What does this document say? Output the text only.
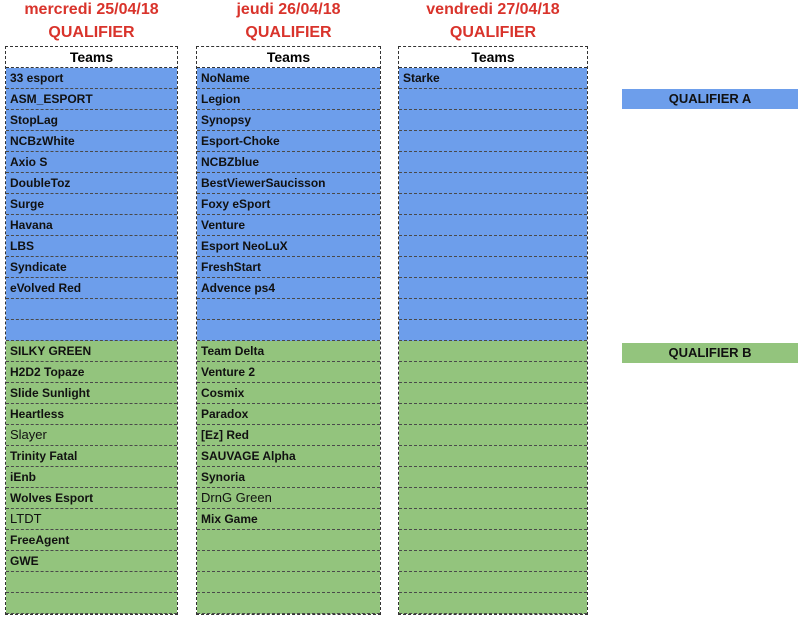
mercredi 25/04/18
QUALIFIER
Teams
33 esport
ASM_ESPORT
StopLag
NCBzWhite
Axio S
DoubleToz
Surge
Havana
LBS
Syndicate
eVolved Red
SILKY GREEN
H2D2 Topaze
Slide Sunlight
Heartless
Slayer
Trinity Fatal
iEnb
Wolves Esport
LTDT
FreeAgent
GWE
jeudi 26/04/18
QUALIFIER
Teams
NoName
Legion
Synopsy
Esport-Choke
NCBZblue
BestViewerSaucisson
Foxy eSport
Venture
Esport NeoLuX
FreshStart
Advence ps4
Team Delta
Venture 2
Cosmix
Paradox
[Ez] Red
SAUVAGE Alpha
Synoria
DrnG Green
Mix Game
vendredi 27/04/18
QUALIFIER
Teams
Starke
QUALIFIER A
QUALIFIER B
